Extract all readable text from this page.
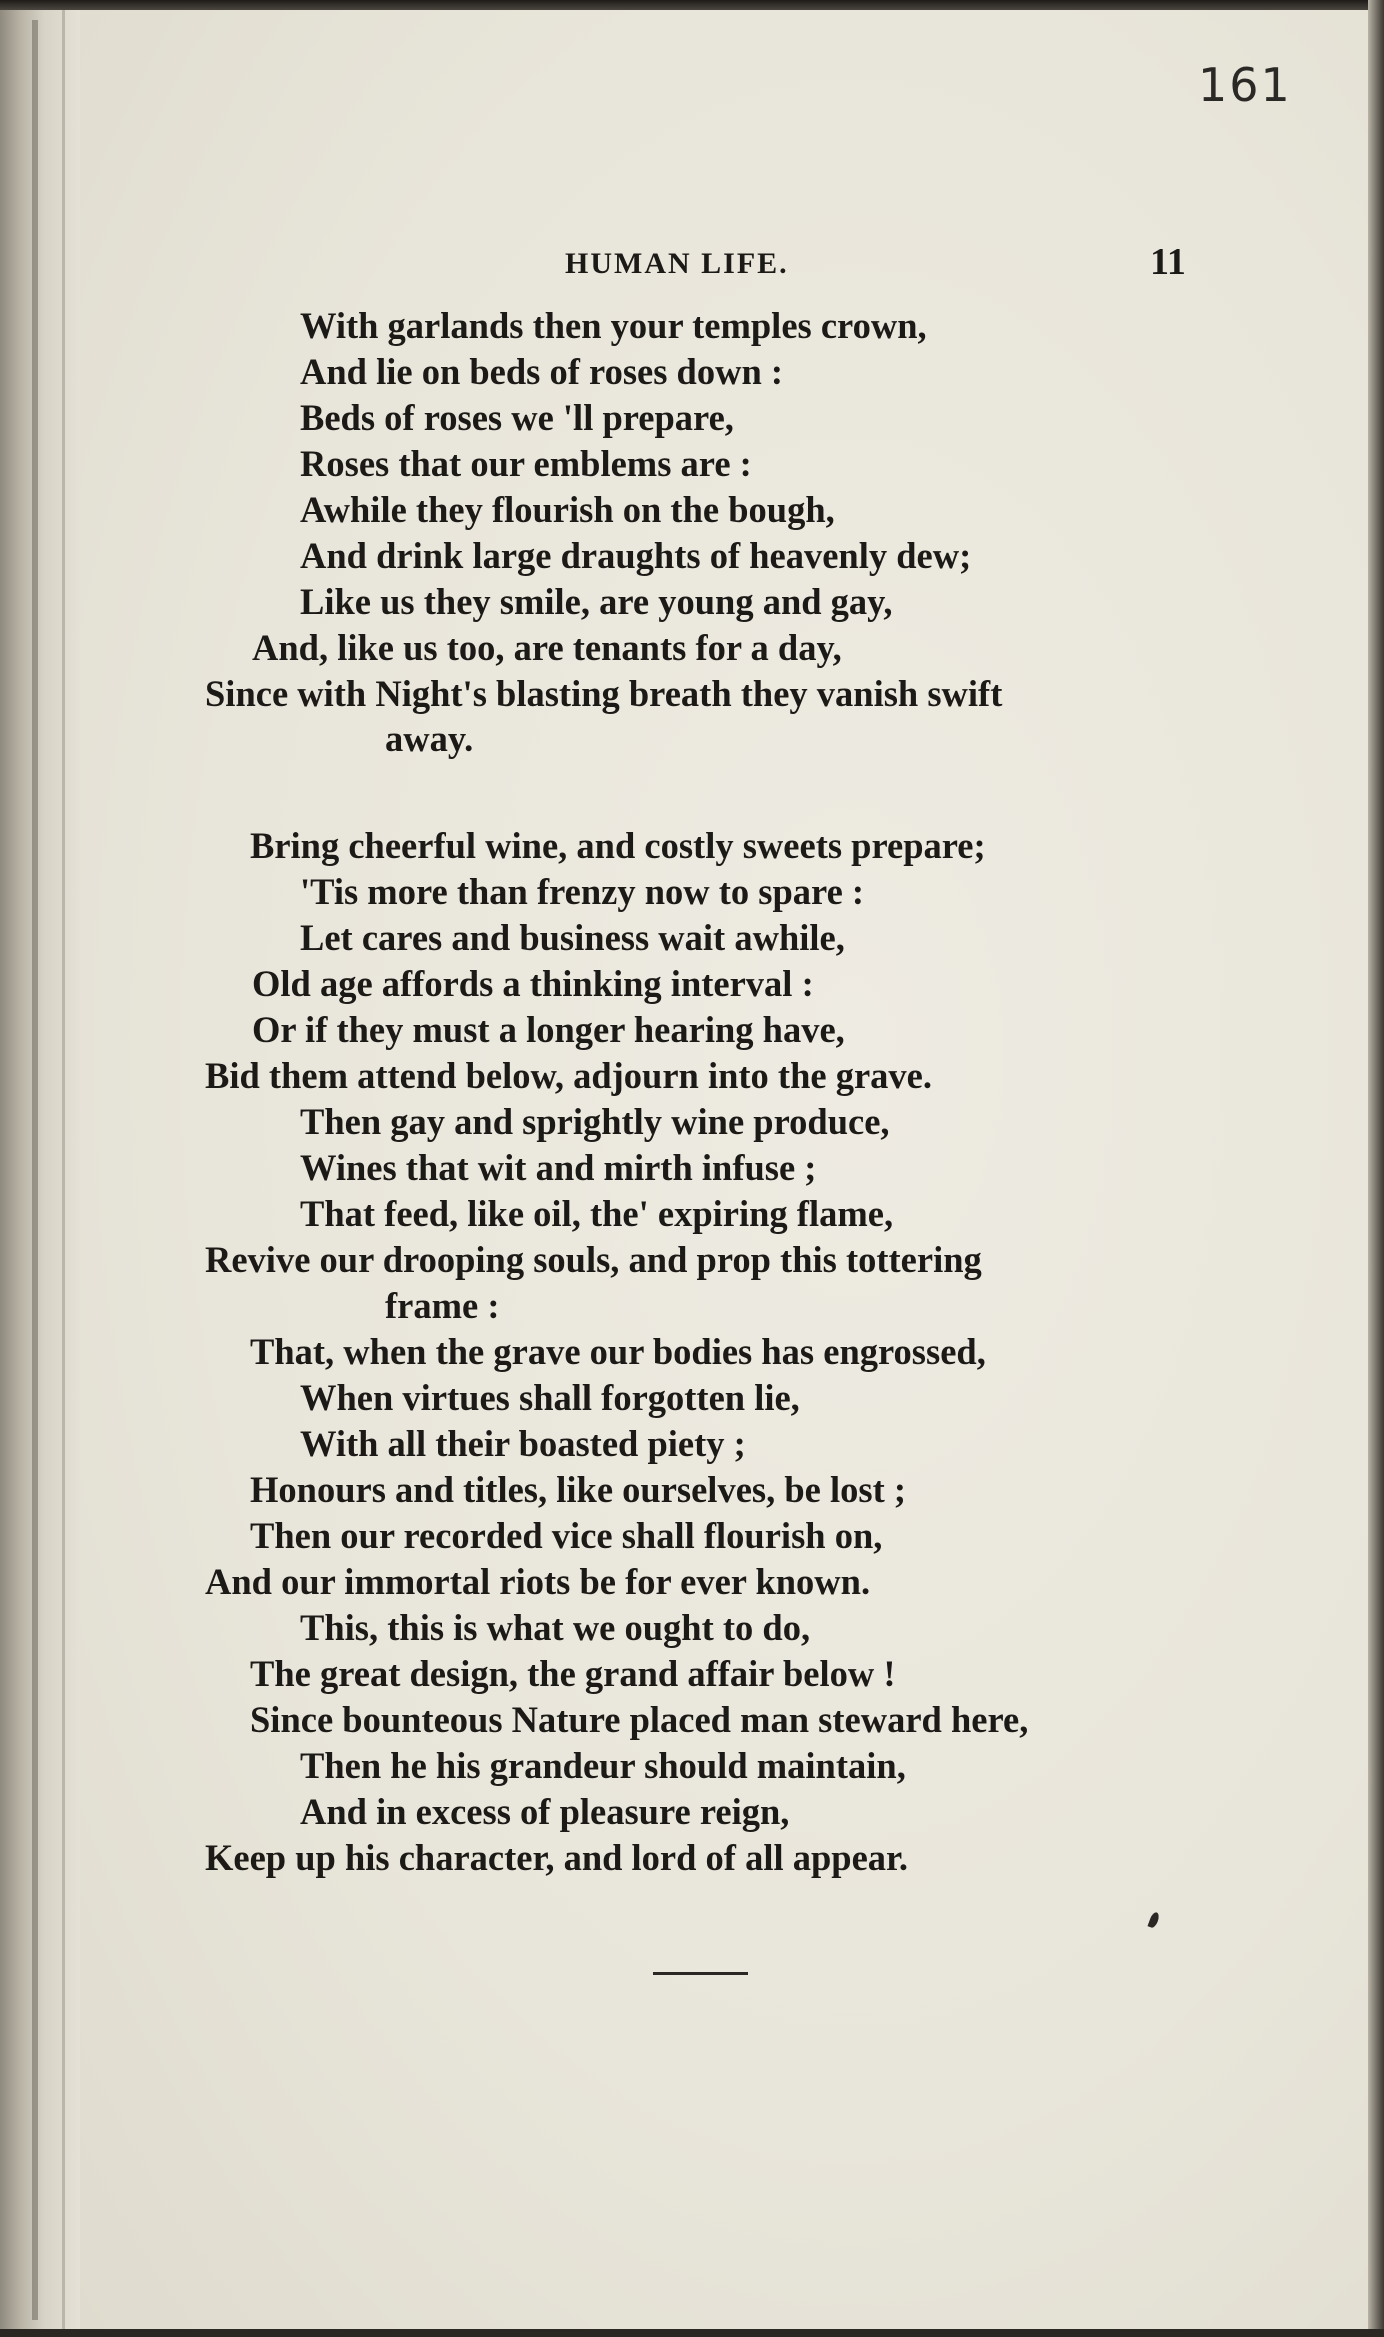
161
HUMAN LIFE.	11
With garlands then your temples crown,
And lie on beds of roses down :
Beds of roses we 'll prepare,
Roses that our emblems are :
Awhile they flourish on the bough,
And drink large draughts of heavenly dew;
Like us they smile, are young and gay,
And, like us too, are tenants for a day,
Since with Night's blasting breath they vanish swift
away.
Bring cheerful wine, and costly sweets prepare;
'Tis more than frenzy now to spare :
Let cares and business wait awhile,
Old age affords a thinking interval :
Or if they must a longer hearing have,
Bid them attend below, adjourn into the grave.
Then gay and sprightly wine produce,
Wines that wit and mirth infuse ;
That feed, like oil, the' expiring flame,
Revive our drooping souls, and prop this tottering
frame :
That, when the grave our bodies has engrossed,
When virtues shall forgotten lie,
With all their boasted piety ;
Honours and titles, like ourselves, be lost ;
Then our recorded vice shall flourish on,
And our immortal riots be for ever known.
This, this is what we ought to do,
The great design, the grand affair below !
Since bounteous Nature placed man steward here,
Then he his grandeur should maintain,
And in excess of pleasure reign,
Keep up his character, and lord of all appear.
